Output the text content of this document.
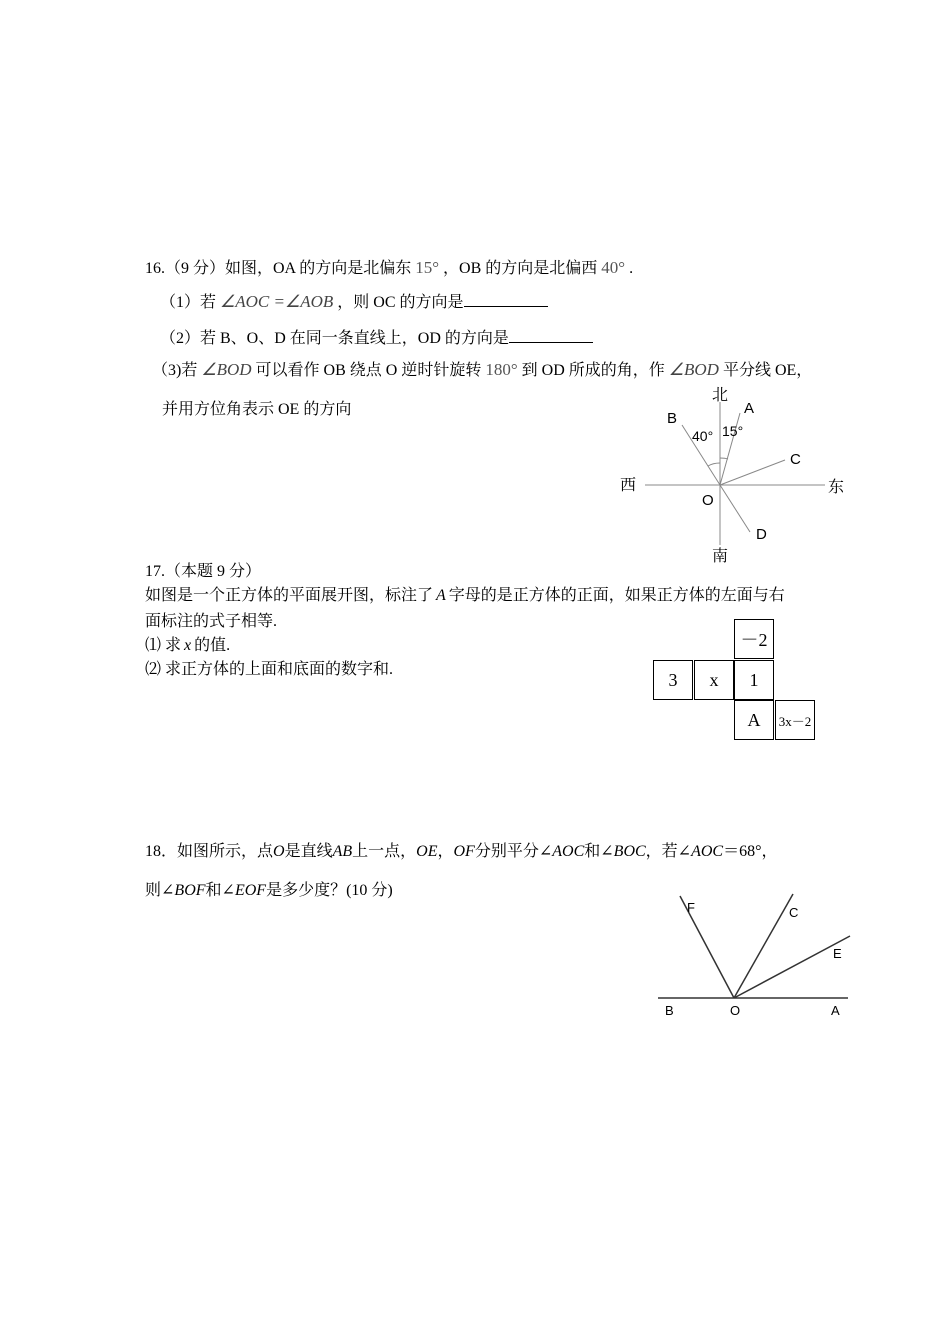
16.（9 分）如图，OA 的方向是北偏东 15° ，OB 的方向是北偏西 40° .
（1）若 ∠AOC =∠AOB ，则 OC 的方向是
（2）若 B、O、D 在同一条直线上，OD 的方向是
（3)若 ∠BOD 可以看作 OB 绕点 O 逆时针旋转 180° 到 OD 所成的角，作 ∠BOD 平分线 OE，
并用方位角表示 OE 的方向
北
南
西	东
O
A
B
C
D
40° 15°
17.（本题 9 分）
如图是一个正方体的平面展开图，标注了 A 字母的是正方体的正面，如果正方体的左面与右
面标注的式子相等.
⑴ 求 x 的值.
⑵ 求正方体的上面和底面的数字和.
－2
3	x	1
A	3x－2
18．如图所示，点O是直线AB上一点，OE，OF分别平分∠AOC和∠BOC，若∠AOC＝68°，
则∠BOF和∠EOF是多少度？(10 分)
F	C
E
B	O	A
